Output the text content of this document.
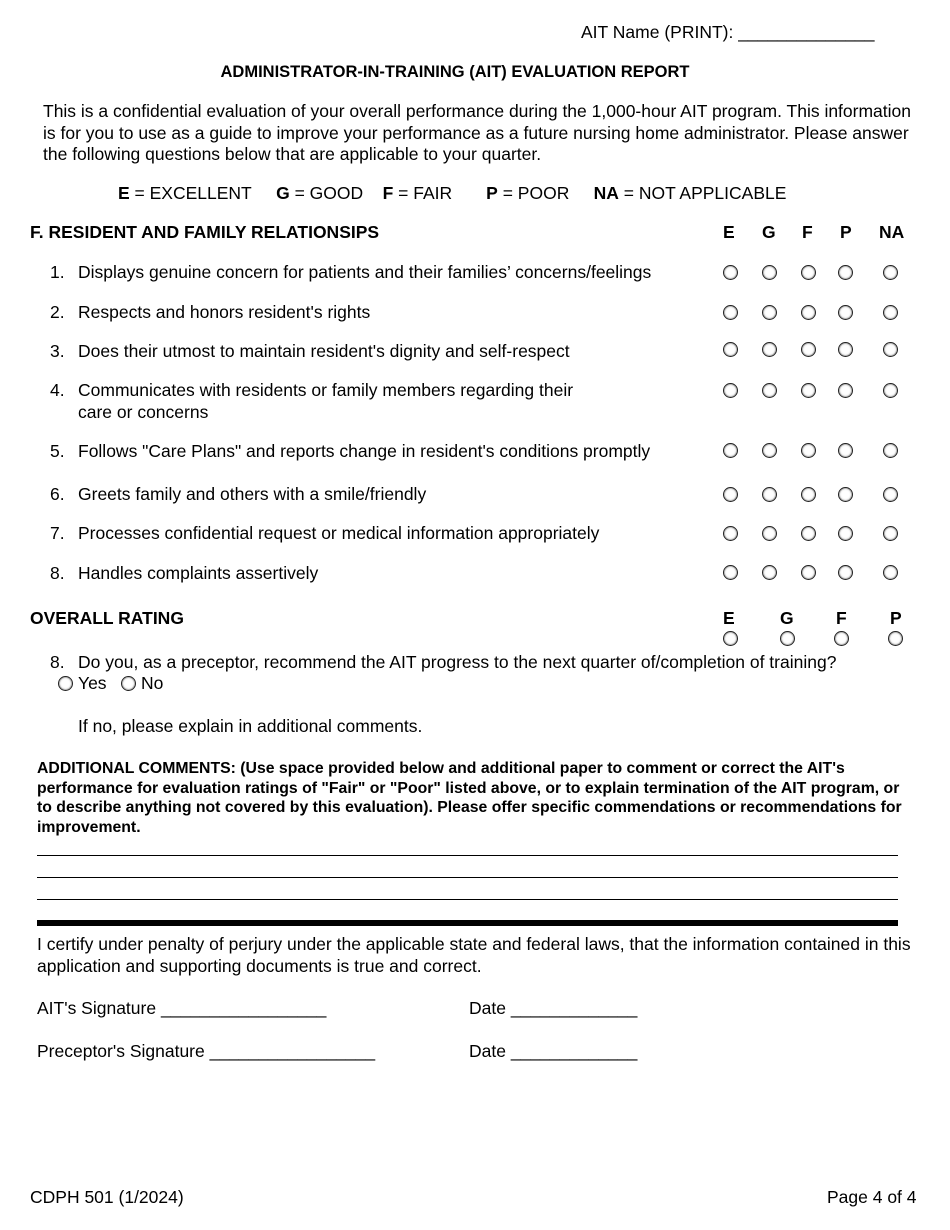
AIT Name (PRINT): ______________
ADMINISTRATOR-IN-TRAINING (AIT) EVALUATION REPORT
This is a confidential evaluation of your overall performance during the 1,000-hour AIT program. This information is for you to use as a guide to improve your performance as a future nursing home administrator. Please answer the following questions below that are applicable to your quarter.
E = EXCELLENT G = GOOD F = FAIR P = POOR NA = NOT APPLICABLE
F. RESIDENT AND FAMILY RELATIONSIPS	E G F P NA
1. Displays genuine concern for patients and their families’ concerns/feelings
2. Respects and honors resident's rights
3. Does their utmost to maintain resident's dignity and self-respect
4. Communicates with residents or family members regarding their
care or concerns
5. Follows "Care Plans" and reports change in resident's conditions promptly
6. Greets family and others with a smile/friendly
7. Processes confidential request or medical information appropriately
8. Handles complaints assertively
OVERALL RATING	E	G F P
8. Do you, as a preceptor, recommend the AIT progress to the next quarter of/completion of training?
Yes No
If no, please explain in additional comments.
ADDITIONAL COMMENTS: (Use space provided below and additional paper to comment or correct the AIT's performance for evaluation ratings of "Fair" or "Poor" listed above, or to explain termination of the AIT program, or to describe anything not covered by this evaluation). Please offer specific commendations or recommendations for improvement.
I certify under penalty of perjury under the applicable state and federal laws, that the information contained in this application and supporting documents is true and correct.
AIT's Signature _________________	Date _____________
Preceptor's Signature _________________	Date _____________
CDPH 501 (1/2024)	Page 4 of 4
